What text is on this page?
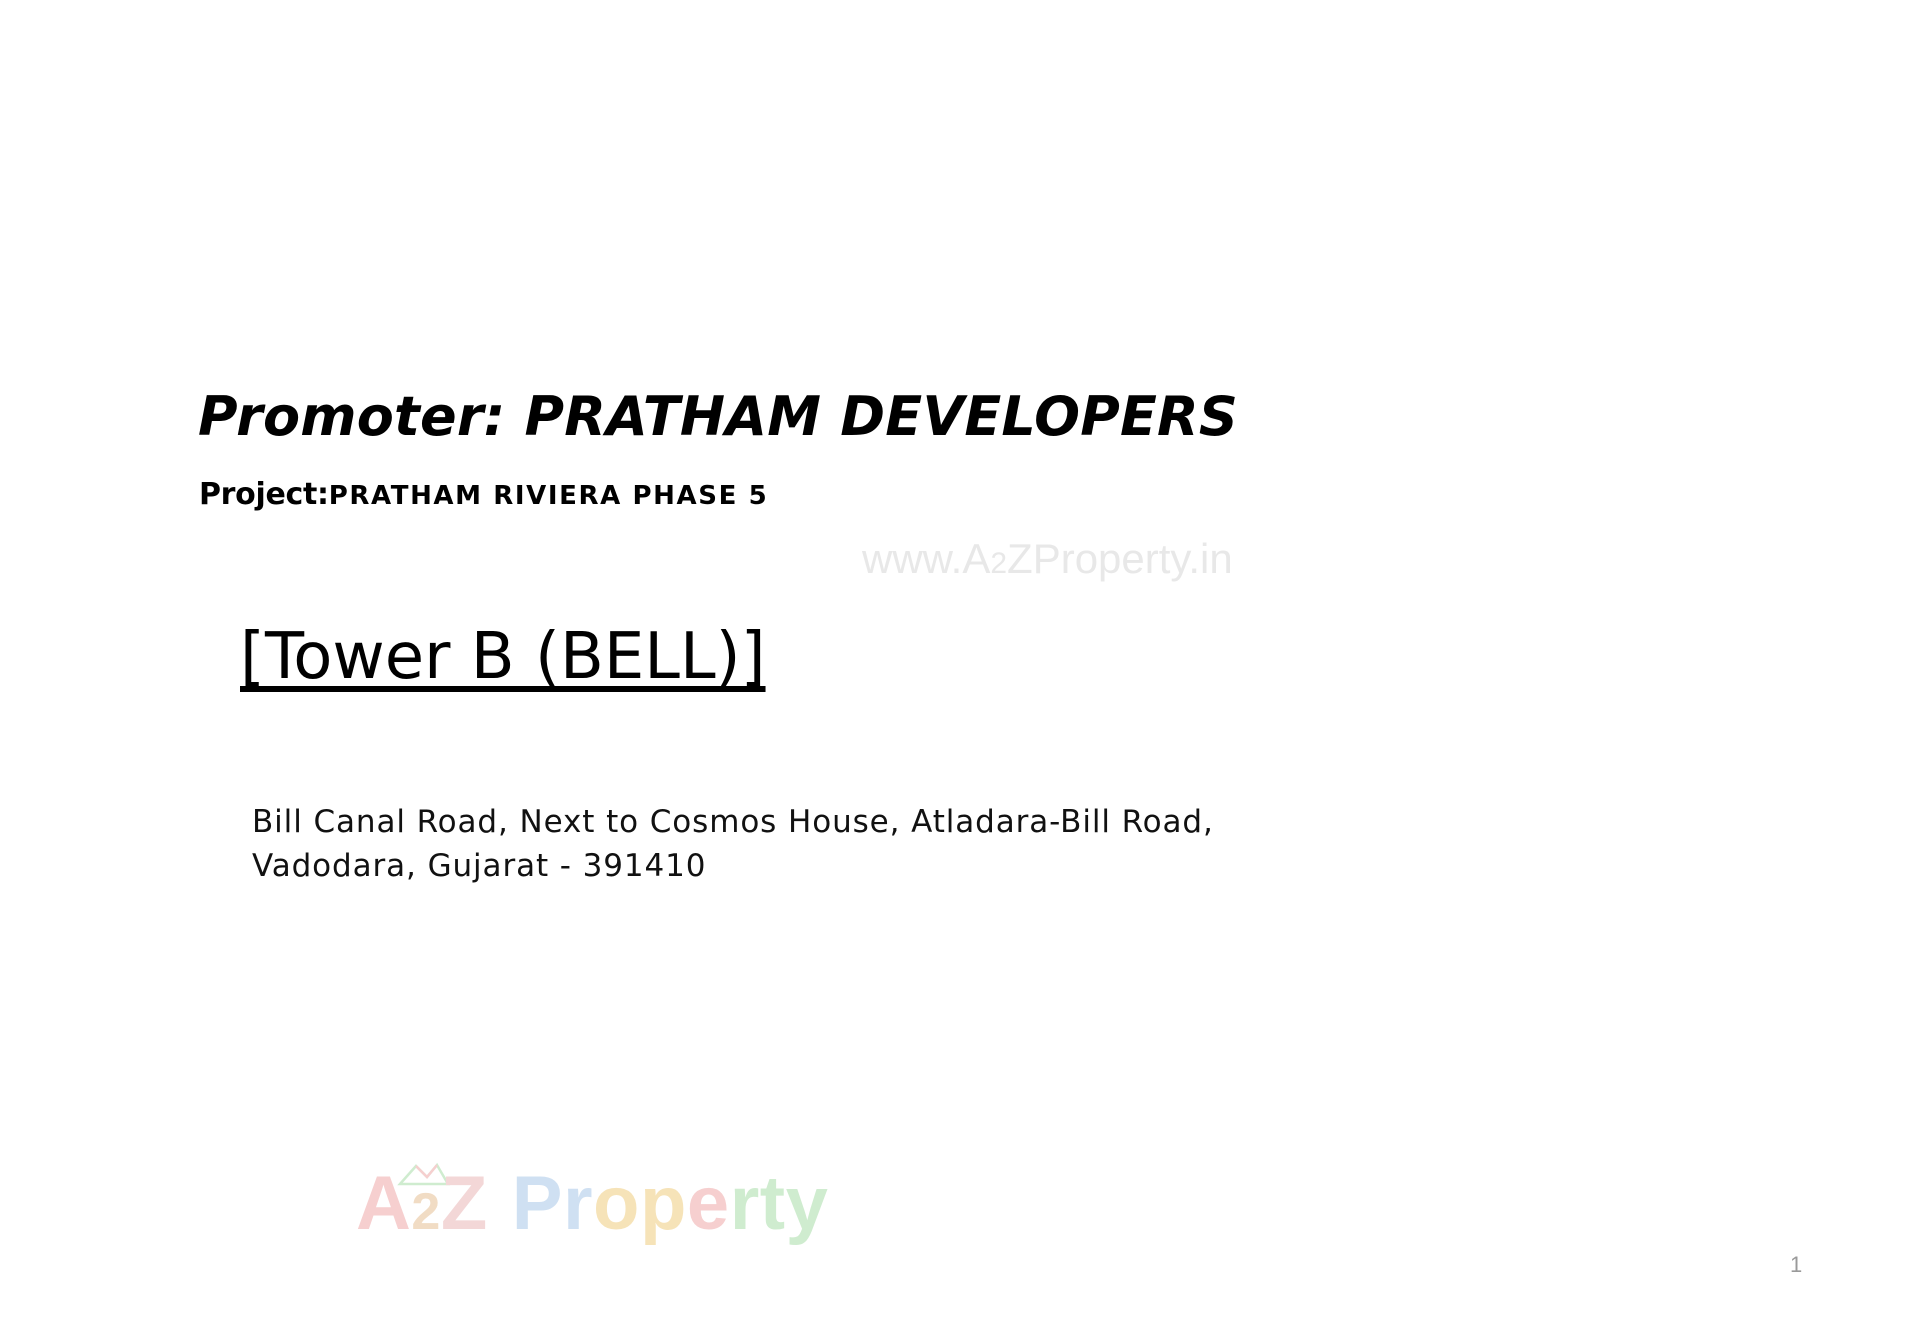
Promoter: PRATHAM DEVELOPERS
Project:PRATHAM RIVIERA PHASE 5
www.A2ZProperty.in
[Tower B (BELL)]
Bill Canal Road, Next to Cosmos House, Atladara-Bill Road, Vadodara, Gujarat - 391410
A2Z Property
1
